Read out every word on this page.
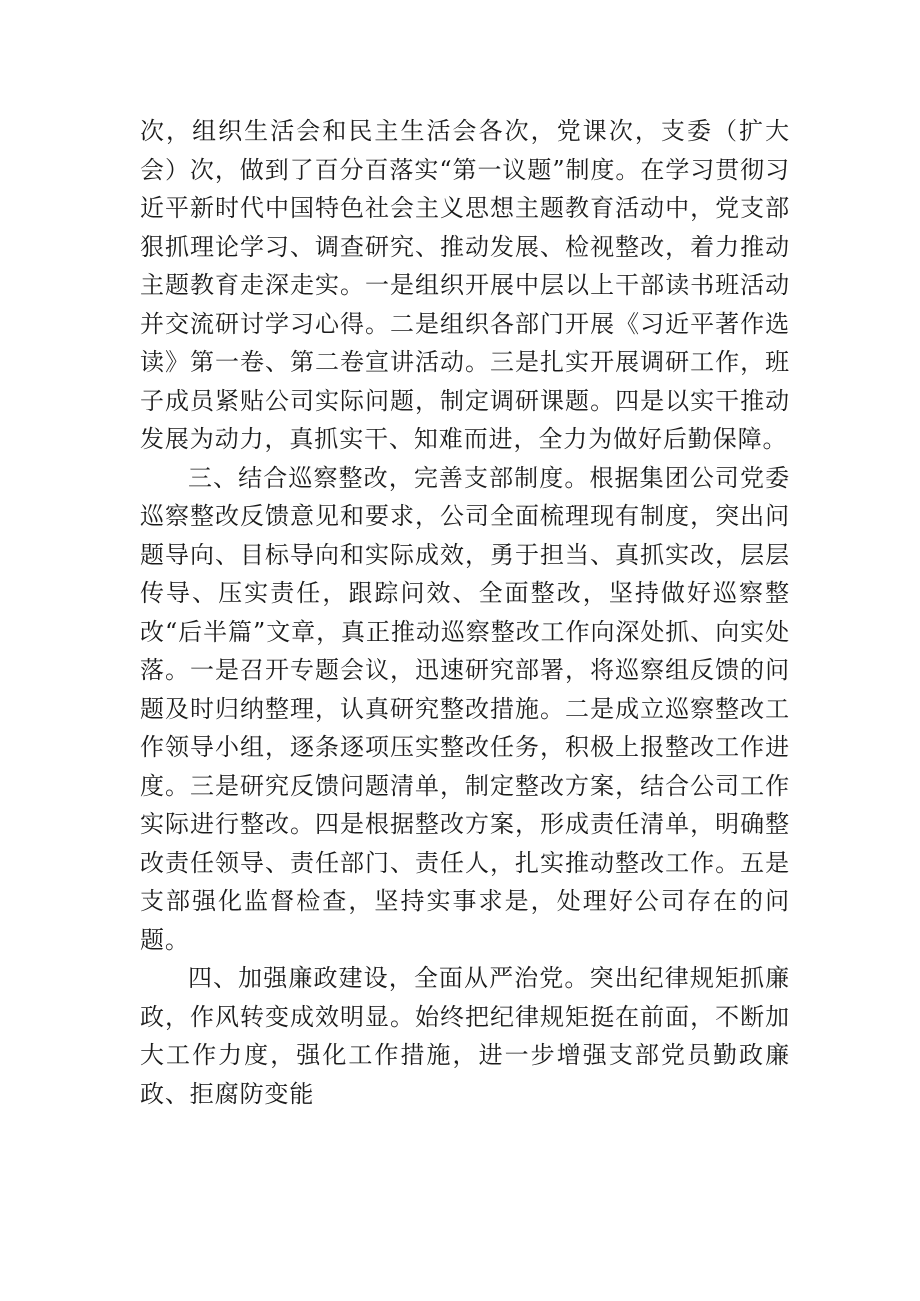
次，组织生活会和民主生活会各次，党课次，支委（扩大会）次，做到了百分百落实“第一议题”制度。在学习贯彻习近平新时代中国特色社会主义思想主题教育活动中，党支部狠抓理论学习、调查研究、推动发展、检视整改，着力推动主题教育走深走实。一是组织开展中层以上干部读书班活动并交流研讨学习心得。二是组织各部门开展《习近平著作选读》第一卷、第二卷宣讲活动。三是扎实开展调研工作，班子成员紧贴公司实际问题，制定调研课题。四是以实干推动发展为动力，真抓实干、知难而进，全力为做好后勤保障。

三、结合巡察整改，完善支部制度。根据集团公司党委巡察整改反馈意见和要求，公司全面梳理现有制度，突出问题导向、目标导向和实际成效，勇于担当、真抓实改，层层传导、压实责任，跟踪问效、全面整改，坚持做好巡察整改“后半篇”文章，真正推动巡察整改工作向深处抓、向实处落。一是召开专题会议，迅速研究部署，将巡察组反馈的问题及时归纳整理，认真研究整改措施。二是成立巡察整改工作领导小组，逐条逐项压实整改任务，积极上报整改工作进度。三是研究反馈问题清单，制定整改方案，结合公司工作实际进行整改。四是根据整改方案，形成责任清单，明确整改责任领导、责任部门、责任人，扎实推动整改工作。五是支部强化监督检查，坚持实事求是，处理好公司存在的问题。

四、加强廉政建设，全面从严治党。突出纪律规矩抓廉政，作风转变成效明显。始终把纪律规矩挺在前面，不断加大工作力度，强化工作措施，进一步增强支部党员勤政廉政、拒腐防变能
